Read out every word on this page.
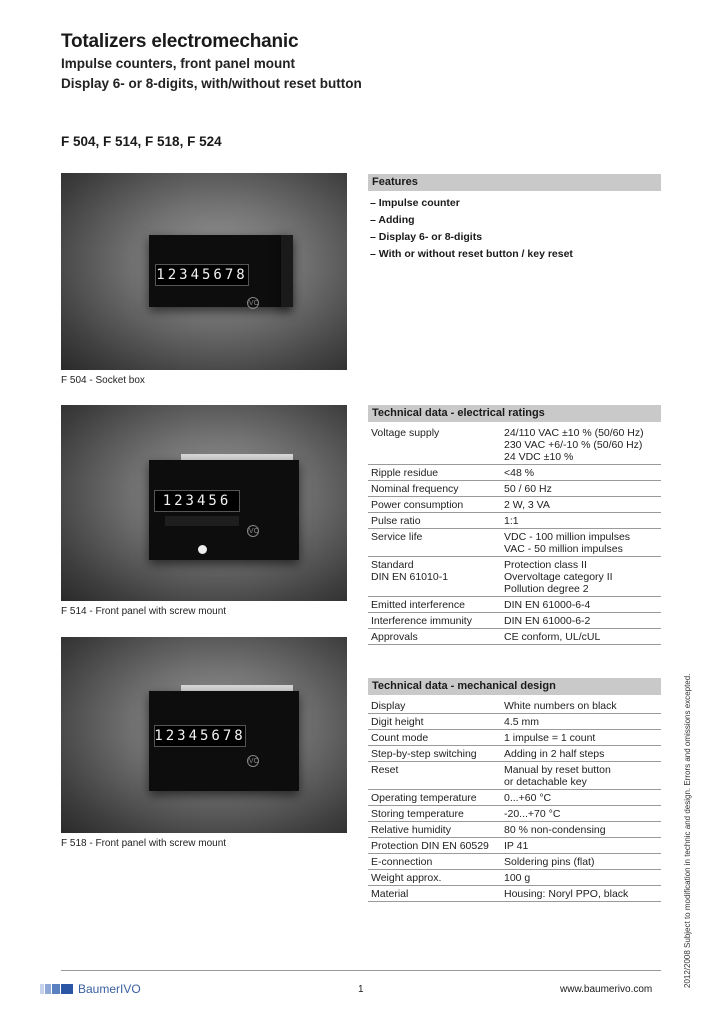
Totalizers electromechanic
Impulse counters, front panel mount
Display 6- or 8-digits, with/without reset button
F 504, F 514, F 518, F 524
12345678
IVO
F 504 - Socket box
123456
IVO
F 514 - Front panel with screw mount
12345678
IVO
F 518 - Front panel with screw mount
Features
– Impulse counter
– Adding
– Display 6- or 8-digits
– With or without reset button / key reset
Technical data - electrical ratings
Voltage supply	24/110 VAC ±10 % (50/60 Hz)
230 VAC +6/-10 % (50/60 Hz)
24 VDC ±10 %
Ripple residue	<48 %
Nominal frequency	50 / 60 Hz
Power consumption	2 W, 3 VA
Pulse ratio	1:1
Service life	VDC - 100 million impulses
VAC - 50 million impulses
Standard
DIN EN 61010-1	Protection class II
Overvoltage category II
Pollution degree 2
Emitted interference	DIN EN 61000-6-4
Interference immunity	DIN EN 61000-6-2
Approvals	CE conform, UL/cUL
Technical data - mechanical design
Display	White numbers on black
Digit height	4.5 mm
Count mode	1 impulse = 1 count
Step-by-step switching	Adding in 2 half steps
Reset	Manual by reset button
or detachable key
Operating temperature	0...+60 °C
Storing temperature	-20...+70 °C
Relative humidity	80 % non-condensing
Protection DIN EN 60529	IP 41
E-connection	Soldering pins (flat)
Weight approx.	100 g
Material	Housing: Noryl PPO, black	2012/2008 Subject to modification in technic and design. Errors and omissions excepted.
BaumerIVO	1	www.baumerivo.com
